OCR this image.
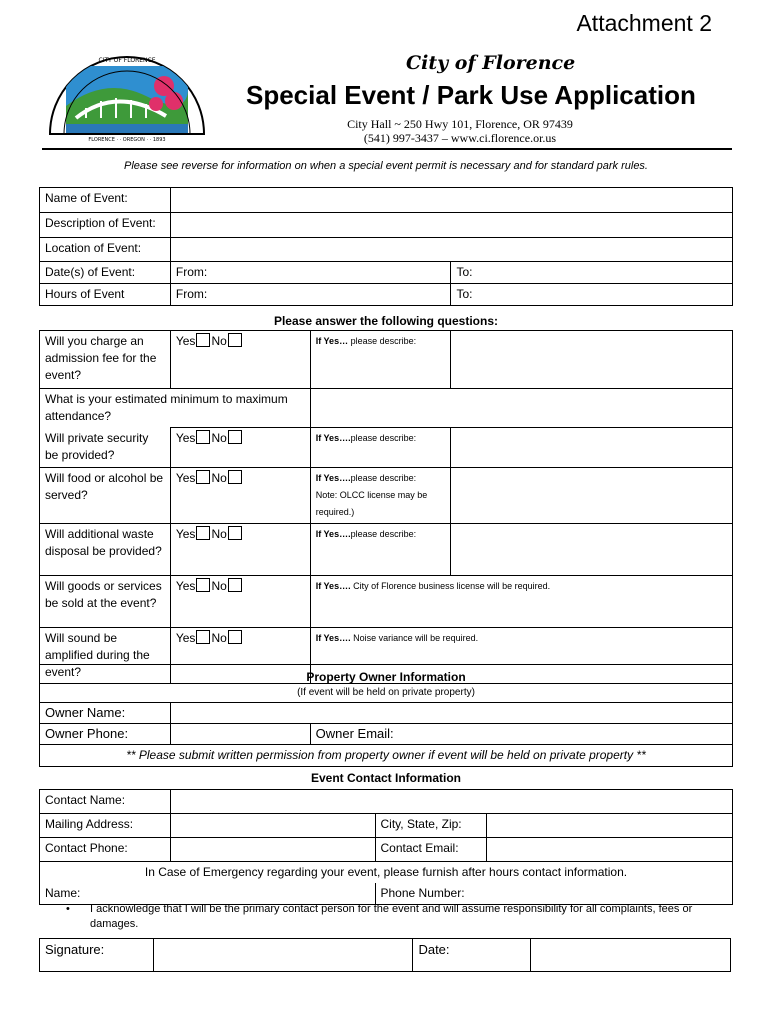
Attachment 2
CITY OF FLORENCE
FLORENCE · · OREGON · · 1893
City of Florence
Special Event / Park Use Application
City Hall ~ 250 Hwy 101, Florence, OR 97439
(541) 997-3437 – www.ci.florence.or.us
Please see reverse for information on when a special event permit is necessary and for standard park rules.
Name of Event:		
Description of Event:		
Location of Event:		
Date(s) of Event:	From:	To:
Hours of Event	From:	To:
Please answer the following questions:
Will you charge an admission fee for the event?	Yes No	If Yes… please describe:	
What is your estimated minimum to maximum attendance?			
Will private security be provided?	Yes No	If Yes….please describe:	
Will food or alcohol be served?	Yes No	If Yes….please describe:
Note: OLCC license may be required.)	
Will additional waste disposal be provided?	Yes No	If Yes….please describe:	
Will goods or services be sold at the event?	Yes No	If Yes…. City of Florence business license will be required.	
Will sound be amplified during the event?	Yes No	If Yes…. Noise variance will be required.	
Property Owner Information
(If event will be held on private property)		

Owner Name:		
Owner Phone:		Owner Email:
** Please submit written permission from property owner if event will be held on private property **		
Event Contact Information			
Contact Name:			
Mailing Address:		City, State, Zip:	
Contact Phone:		Contact Email:	
In Case of Emergency regarding your event, please furnish after hours contact information.			
Name:		Phone Number:	
• I acknowledge that I will be the primary contact person for the event and will assume responsibility for all complaints, fees or damages.
Signature:		Date:	
